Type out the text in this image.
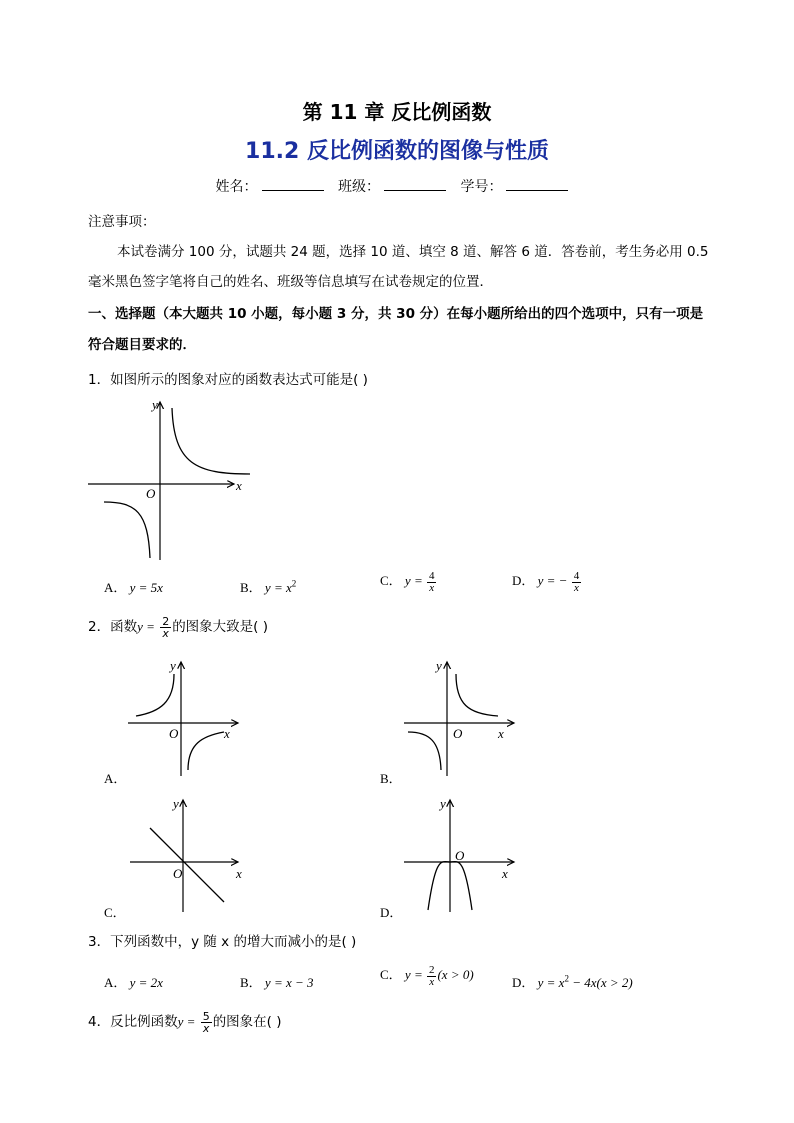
第 11 章 反比例函数
11.2 反比例函数的图像与性质
姓名：	班级：	学号：
注意事项：
本试卷满分 100 分，试题共 24 题，选择 10 道、填空 8 道、解答 6 道．答卷前，考生务必用 0.5
毫米黑色签字笔将自己的姓名、班级等信息填写在试卷规定的位置．
一、选择题（本大题共 10 小题，每小题 3 分，共 30 分）在每小题所给出的四个选项中，只有一项是
符合题目要求的．
1．如图所示的图象对应的函数表达式可能是( )
y
x
O
A． y = 5x	B． $y = x^2$	C． $y = \frac{4}{x}$	D． y = − $\frac{4}{x}$
2．函数$y = \frac{2}{x}$ 的图象大致是( )
y
x
O
A．
y
x
O
B．
y
x
O
C．
y
x
O
D．
3．下列函数中，y 随 x 的增大而减小的是( )
A． y = 2x	B． y = x − 3
C． $y = \frac{2}{x} (x > 0)$
D． $y = x^2 - 4x(x > 2)$
4．反比例函数$y = \frac{5}{x}$ 的图象在( )
